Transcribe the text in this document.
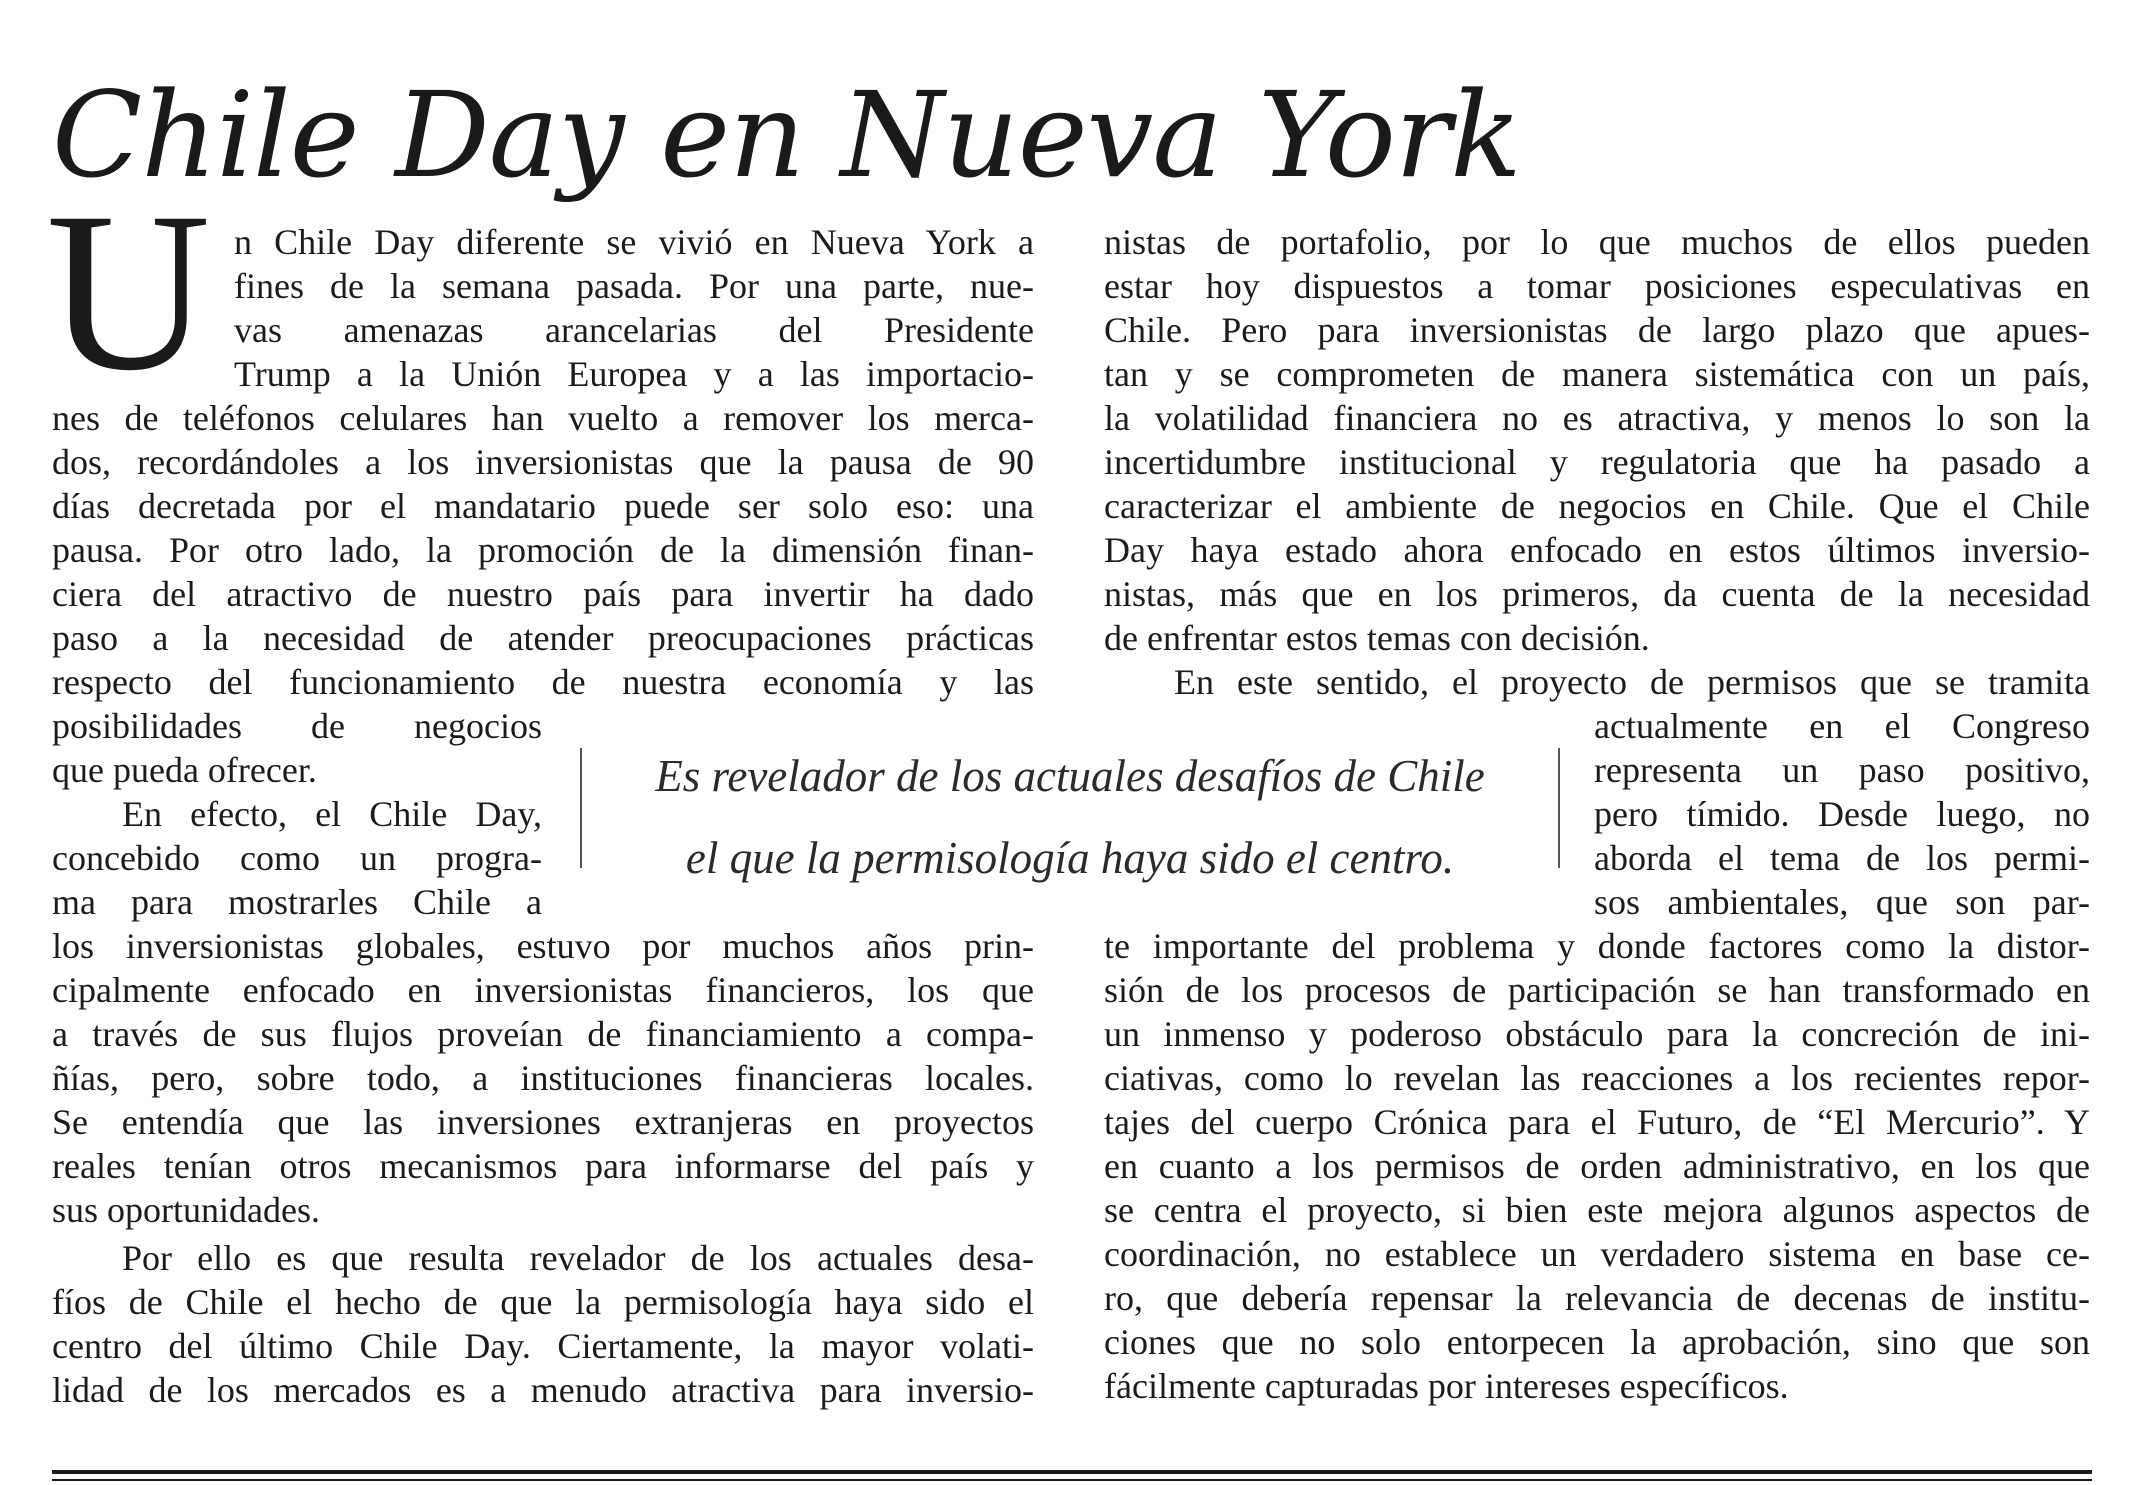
Chile Day en Nueva York
U n Chile Day diferente se vivió en Nueva York a
fines de la semana pasada. Por una parte, nue-
vas amenazas arancelarias del Presidente
Trump a la Unión Europea y a las importacio-
nes de teléfonos celulares han vuelto a remover los merca-
dos, recordándoles a los inversionistas que la pausa de 90
días decretada por el mandatario puede ser solo eso: una
pausa. Por otro lado, la promoción de la dimensión finan-
ciera del atractivo de nuestro país para invertir ha dado
paso a la necesidad de atender preocupaciones prácticas
respecto del funcionamiento de nuestra economía y las
posibilidades de negocios
que pueda ofrecer.
En efecto, el Chile Day,
concebido como un progra-
ma para mostrarles Chile a
los inversionistas globales, estuvo por muchos años prin-
cipalmente enfocado en inversionistas financieros, los que
a través de sus flujos proveían de financiamiento a compa-
ñías, pero, sobre todo, a instituciones financieras locales.
Se entendía que las inversiones extranjeras en proyectos
reales tenían otros mecanismos para informarse del país y
sus oportunidades.
Por ello es que resulta revelador de los actuales desa-
fíos de Chile el hecho de que la permisología haya sido el
centro del último Chile Day. Ciertamente, la mayor volati-
lidad de los mercados es a menudo atractiva para inversio-
nistas de portafolio, por lo que muchos de ellos pueden
estar hoy dispuestos a tomar posiciones especulativas en
Chile. Pero para inversionistas de largo plazo que apues-
tan y se comprometen de manera sistemática con un país,
la volatilidad financiera no es atractiva, y menos lo son la
incertidumbre institucional y regulatoria que ha pasado a
caracterizar el ambiente de negocios en Chile. Que el Chile
Day haya estado ahora enfocado en estos últimos inversio-
nistas, más que en los primeros, da cuenta de la necesidad
de enfrentar estos temas con decisión.
En este sentido, el proyecto de permisos que se tramita
actualmente en el Congreso
representa un paso positivo,
pero tímido. Desde luego, no
aborda el tema de los permi-
sos ambientales, que son par-
te importante del problema y donde factores como la distor-
sión de los procesos de participación se han transformado en
un inmenso y poderoso obstáculo para la concreción de ini-
ciativas, como lo revelan las reacciones a los recientes repor-
tajes del cuerpo Crónica para el Futuro, de “El Mercurio”. Y
en cuanto a los permisos de orden administrativo, en los que
se centra el proyecto, si bien este mejora algunos aspectos de
coordinación, no establece un verdadero sistema en base ce-
ro, que debería repensar la relevancia de decenas de institu-
ciones que no solo entorpecen la aprobación, sino que son
fácilmente capturadas por intereses específicos.
Es revelador de los actuales desafíos de Chile
el que la permisología haya sido el centro.
